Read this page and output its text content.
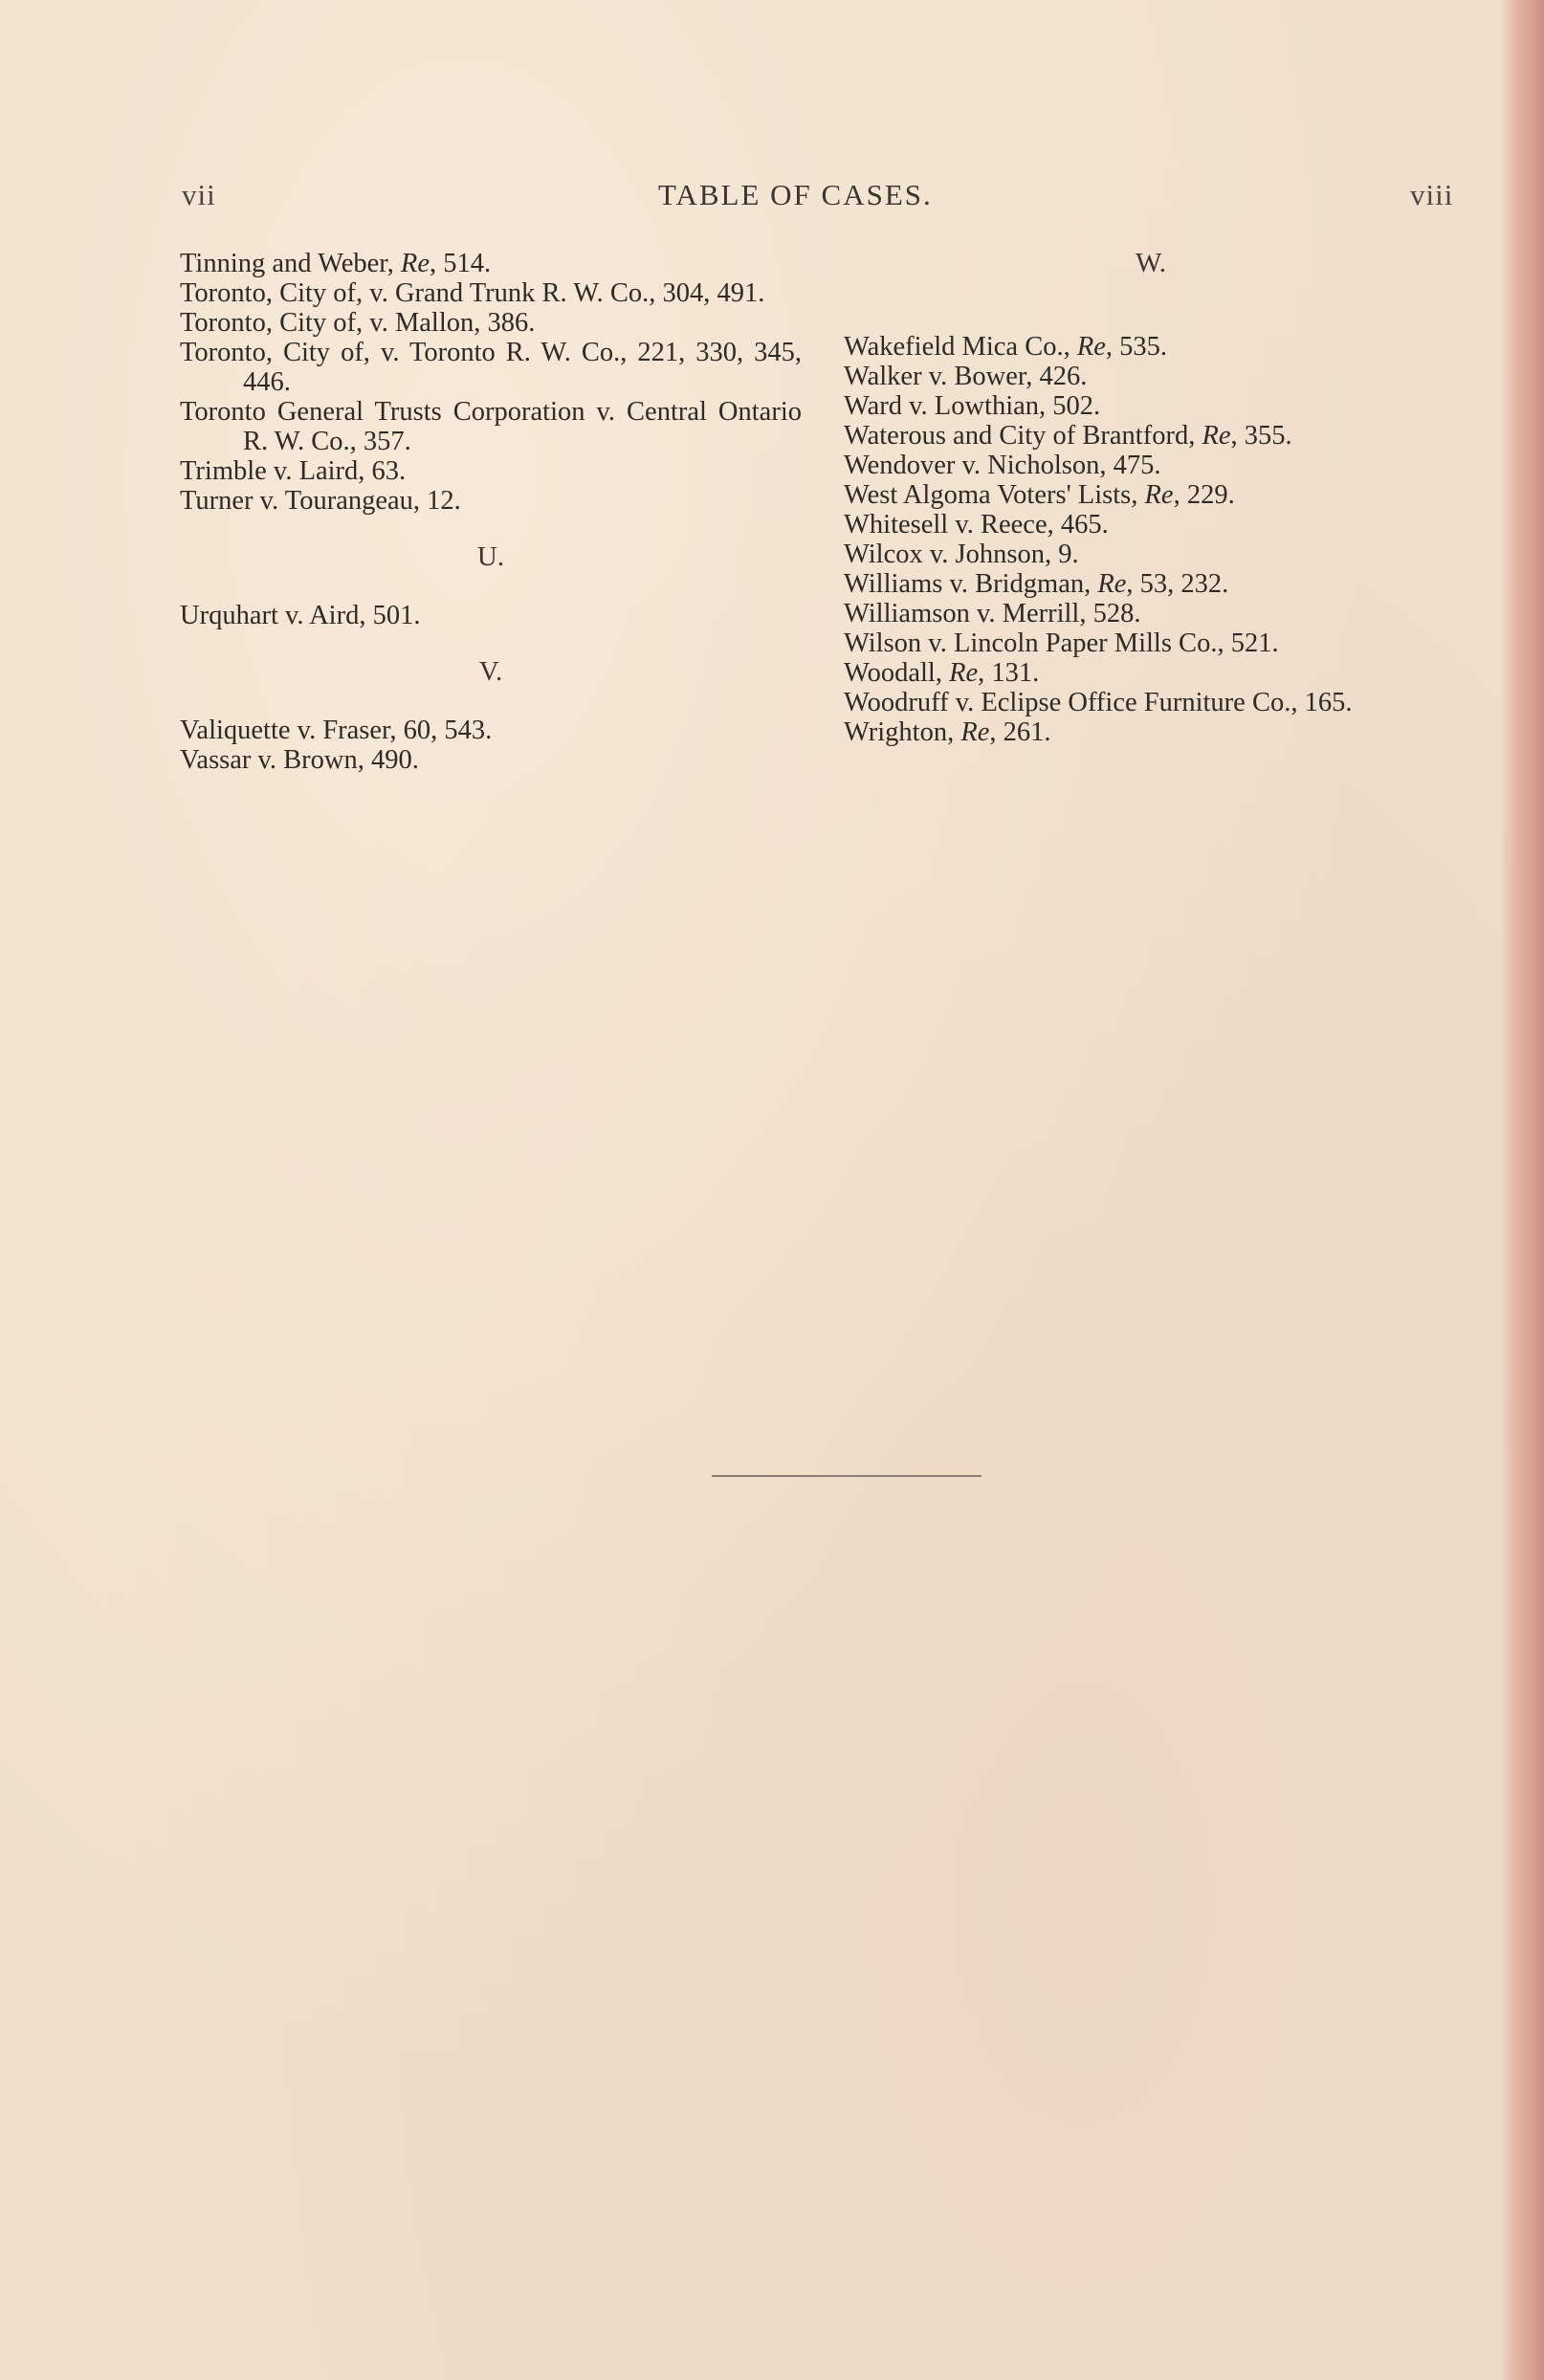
vii	TABLE OF CASES.	viii

Tinning and Weber, Re, 514.

Toronto, City of, v. Grand Trunk R. W. Co., 304, 491.

Toronto, City of, v. Mallon, 386.

Toronto, City of, v. Toronto R. W. Co., 221, 330, 345, 446.

Toronto General Trusts Corporation v. Central Ontario R. W. Co., 357.

Trimble v. Laird, 63.

Turner v. Tourangeau, 12.

U.

Urquhart v. Aird, 501.

V.

Valiquette v. Fraser, 60, 543.

Vassar v. Brown, 490.

W.

Wakefield Mica Co., Re, 535.

Walker v. Bower, 426.

Ward v. Lowthian, 502.

Waterous and City of Brantford, Re, 355.

Wendover v. Nicholson, 475.

West Algoma Voters' Lists, Re, 229.

Whitesell v. Reece, 465.

Wilcox v. Johnson, 9.

Williams v. Bridgman, Re, 53, 232.

Williamson v. Merrill, 528.

Wilson v. Lincoln Paper Mills Co., 521.

Woodall, Re, 131.

Woodruff v. Eclipse Office Furniture Co., 165.

Wrighton, Re, 261.
